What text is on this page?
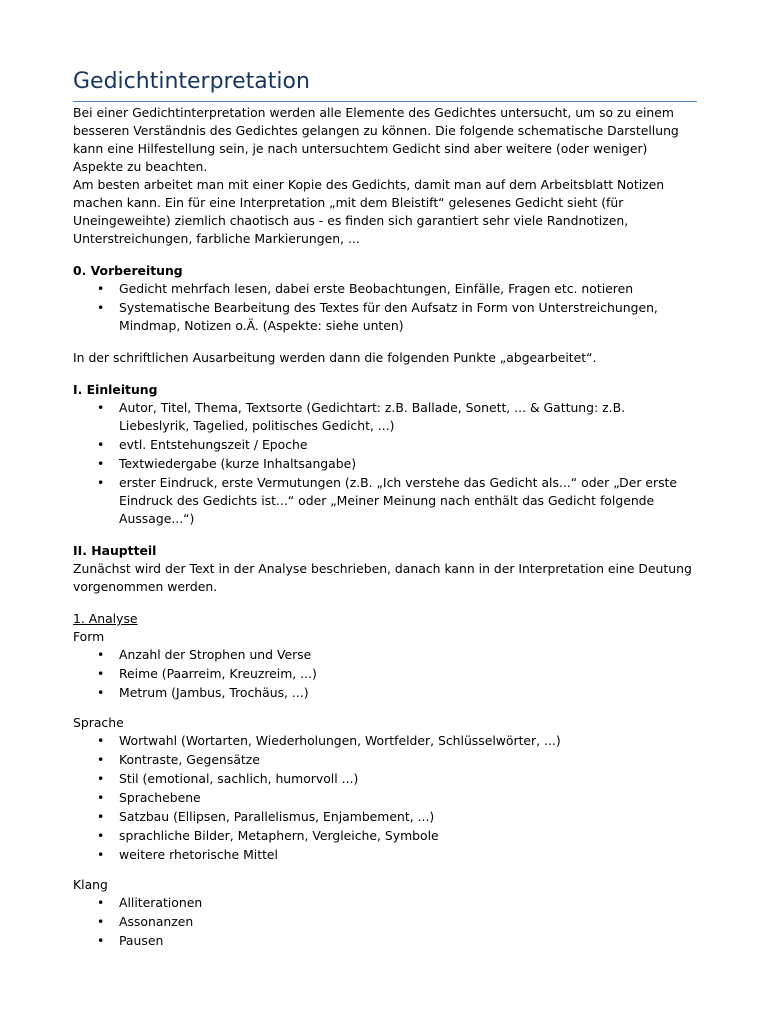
Gedichtinterpretation

Bei einer Gedichtinterpretation werden alle Elemente des Gedichtes untersucht, um so zu einem besseren Verständnis des Gedichtes gelangen zu können. Die folgende schematische Darstellung kann eine Hilfestellung sein, je nach untersuchtem Gedicht sind aber weitere (oder weniger) Aspekte zu beachten.

Am besten arbeitet man mit einer Kopie des Gedichts, damit man auf dem Arbeitsblatt Notizen machen kann. Ein für eine Interpretation „mit dem Bleistift“ gelesenes Gedicht sieht (für Uneingeweihte) ziemlich chaotisch aus - es finden sich garantiert sehr viele Randnotizen, Unterstreichungen, farbliche Markierungen, ...

0. Vorbereitung

• Gedicht mehrfach lesen, dabei erste Beobachtungen, Einfälle, Fragen etc. notieren
• Systematische Bearbeitung des Textes für den Aufsatz in Form von Unterstreichungen, Mindmap, Notizen o.Ä. (Aspekte: siehe unten)

In der schriftlichen Ausarbeitung werden dann die folgenden Punkte „abgearbeitet“.

I. Einleitung

• Autor, Titel, Thema, Textsorte (Gedichtart: z.B. Ballade, Sonett, ... & Gattung: z.B. Liebeslyrik, Tagelied, politisches Gedicht, ...)
• evtl. Entstehungszeit / Epoche
• Textwiedergabe (kurze Inhaltsangabe)
• erster Eindruck, erste Vermutungen (z.B. „Ich verstehe das Gedicht als...“ oder „Der erste Eindruck des Gedichts ist...“ oder „Meiner Meinung nach enthält das Gedicht folgende Aussage...“)

II. Hauptteil

Zunächst wird der Text in der Analyse beschrieben, danach kann in der Interpretation eine Deutung vorgenommen werden.

1. Analyse

Form

• Anzahl der Strophen und Verse
• Reime (Paarreim, Kreuzreim, ...)
• Metrum (Jambus, Trochäus, ...)

Sprache

• Wortwahl (Wortarten, Wiederholungen, Wortfelder, Schlüsselwörter, ...)
• Kontraste, Gegensätze
• Stil (emotional, sachlich, humorvoll ...)
• Sprachebene
• Satzbau (Ellipsen, Parallelismus, Enjambement, ...)
• sprachliche Bilder, Metaphern, Vergleiche, Symbole
• weitere rhetorische Mittel

Klang

• Alliterationen
• Assonanzen
• Pausen
